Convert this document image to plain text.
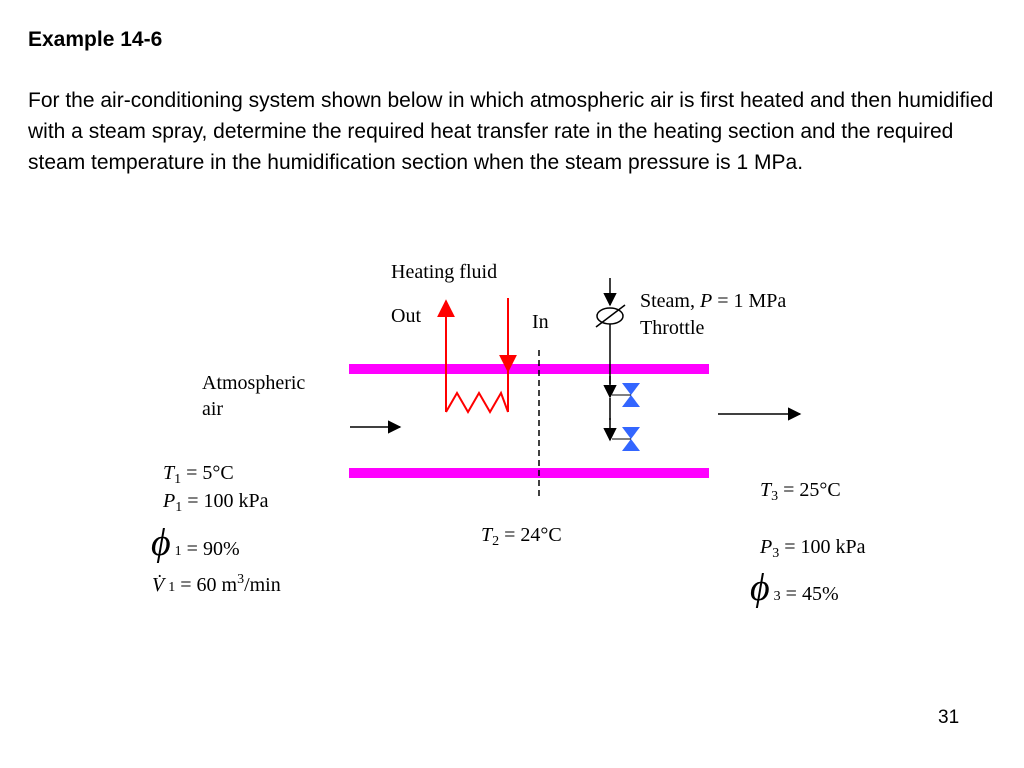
Example 14-6
For the air-conditioning system shown below in which atmospheric air is first heated and then humidified with a steam spray, determine the required heat transfer rate in the heating section and the required steam temperature in the humidification section when the steam pressure is 1 MPa.
Heating fluid
Out	In
Steam, P = 1 MPa
Throttle
Atmospheric
air
$T_1 = 5^\circ C$
$P_1 = 100$ kPa
ϕ 1 = 90%
V̇ 1 = 60 $m^3/\min$
$T_2 = 24^\circ C$
$T_3 = 25^\circ C$
$P_3 = 100$ kPa
ϕ 3 = 45%
31
